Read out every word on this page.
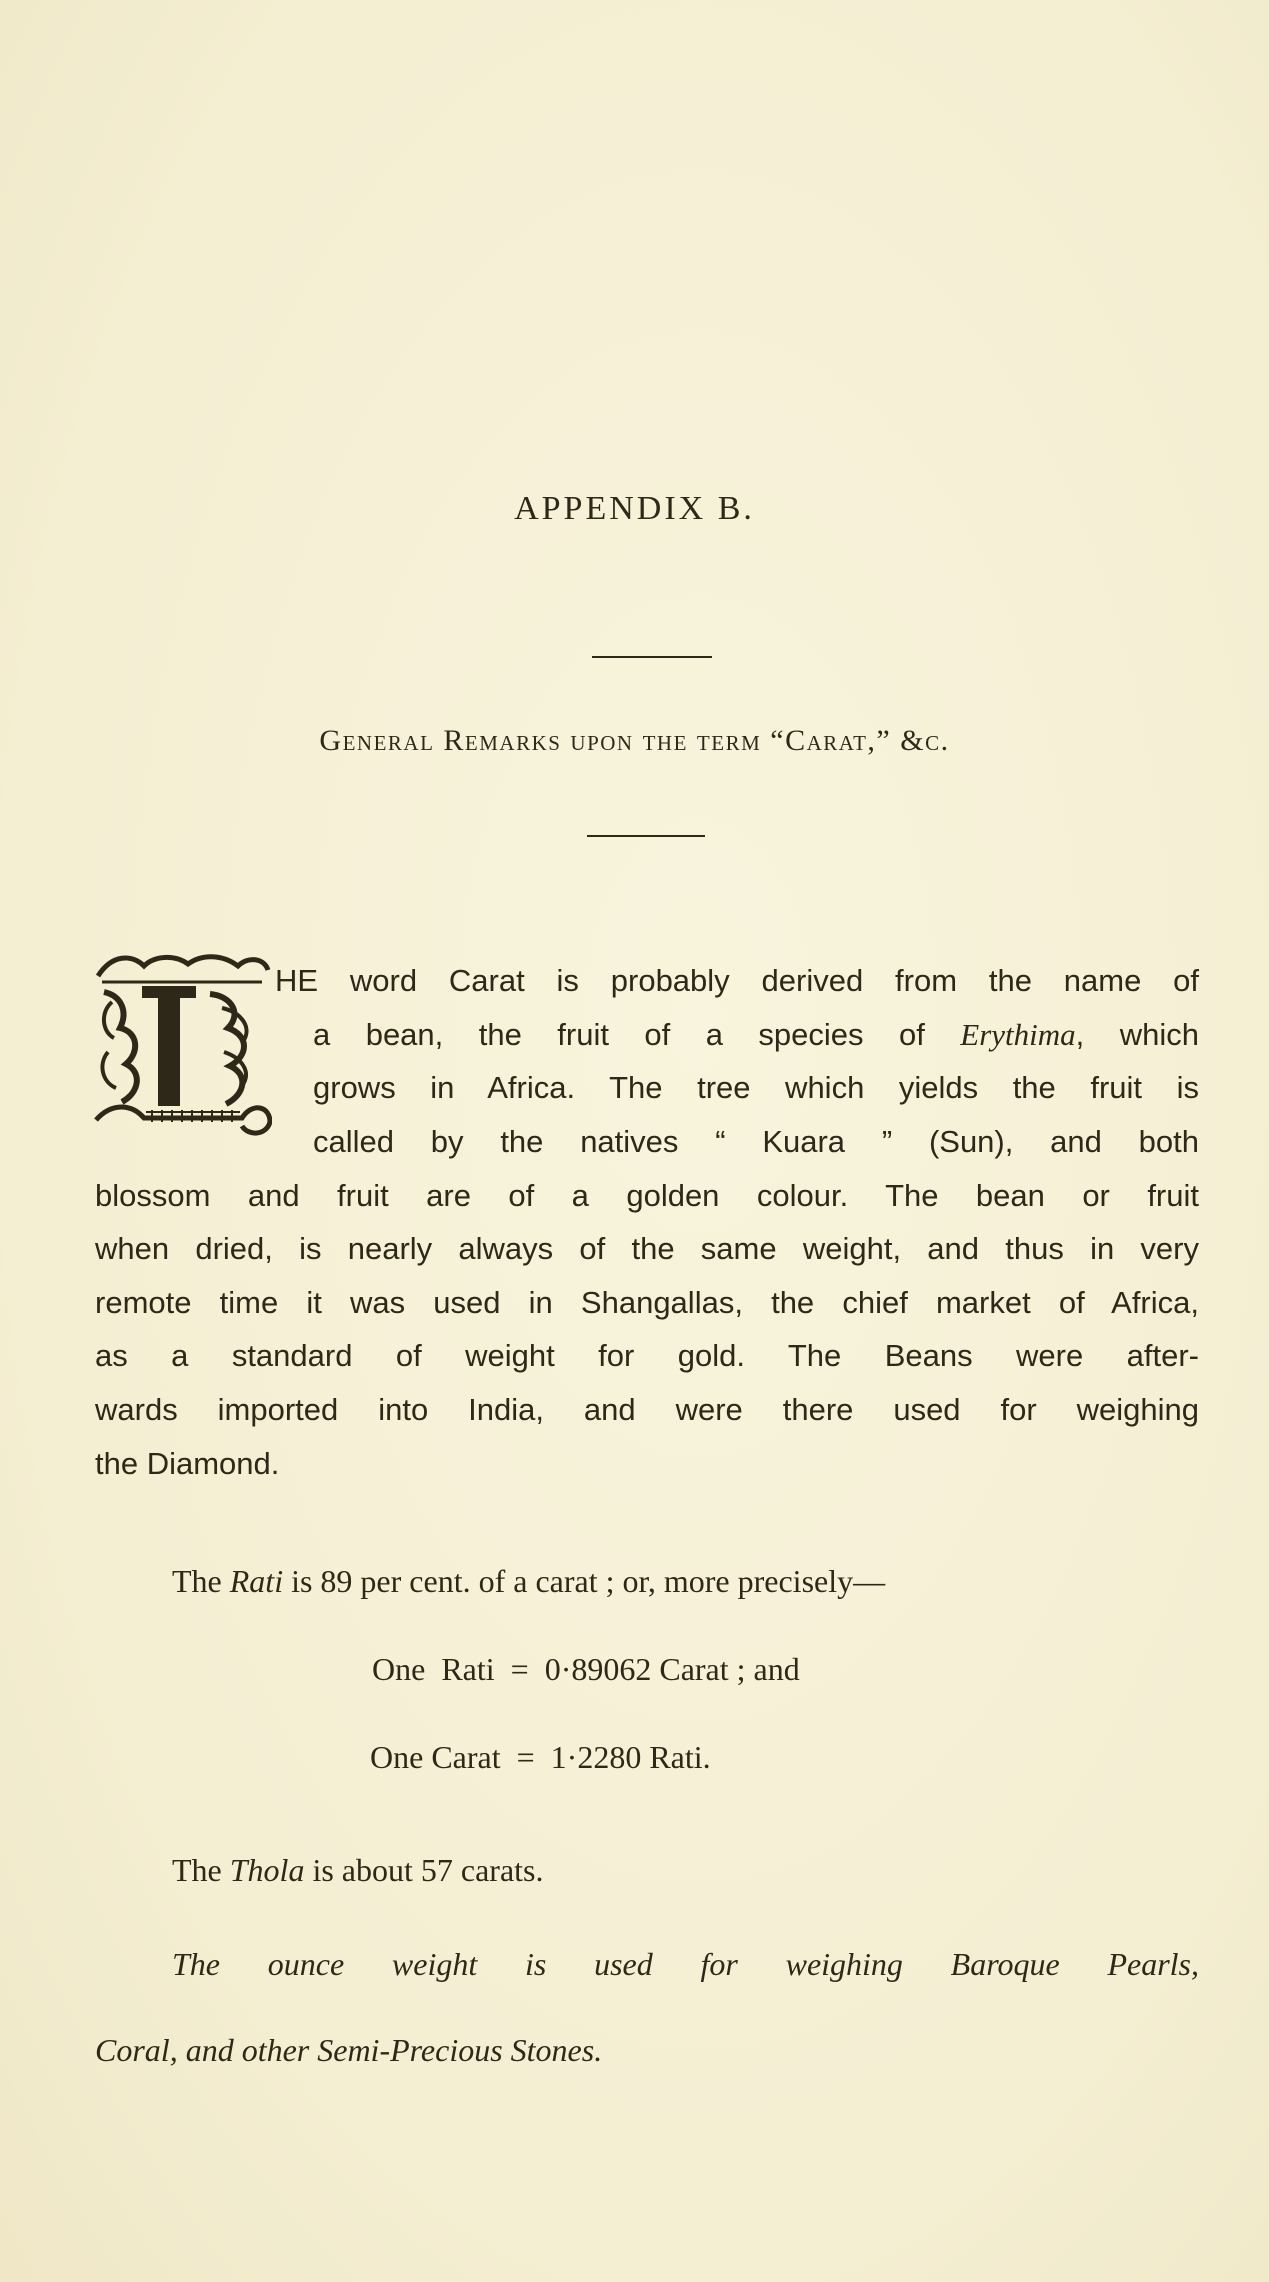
APPENDIX B.
General Remarks upon the term “Carat,” &c.
HE word Carat is probably derived from the name of
a bean, the fruit of a species of Erythima, which
grows in Africa. The tree which yields the fruit is
called by the natives “ Kuara ” (Sun), and both
blossom and fruit are of a golden colour. The bean or fruit
when dried, is nearly always of the same weight, and thus in very
remote time it was used in Shangallas, the chief market of Africa,
as a standard of weight for gold. The Beans were after-
wards imported into India, and were there used for weighing
the Diamond.
The Rati is 89 per cent. of a carat ; or, more precisely—
One  Rati  =  0·89062 Carat ; and
One Carat  =  1·2280 Rati.
The Thola is about 57 carats.
The ounce weight is used for weighing Baroque Pearls,
Coral, and other Semi-Precious Stones.
